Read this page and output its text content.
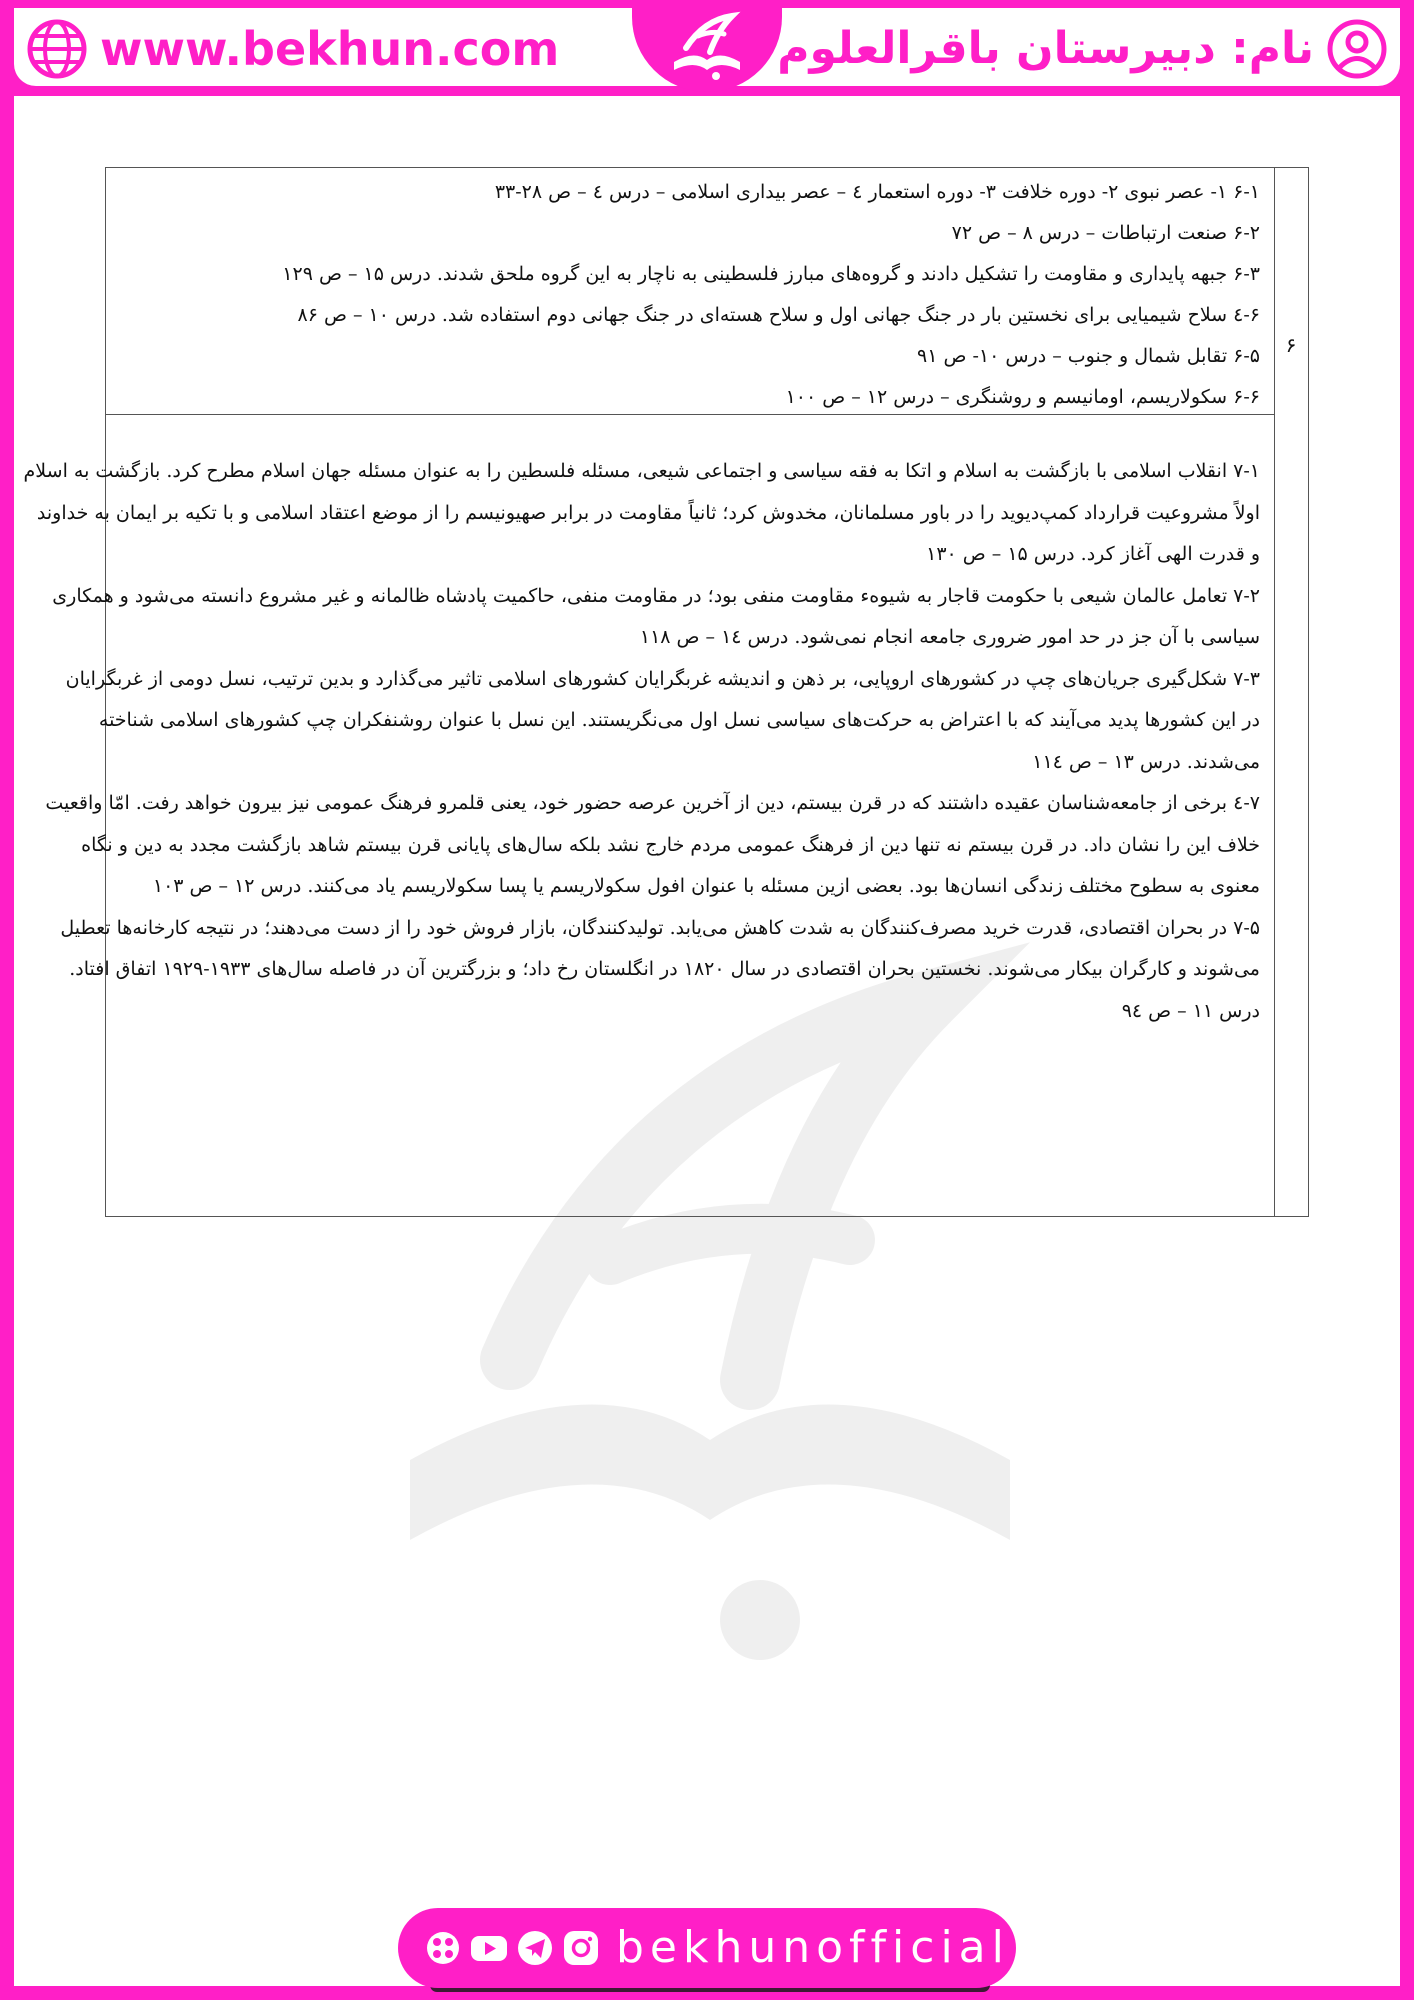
www.bekhun.com	نام: دبیرستان باقرالعلوم
۶
۶-۱ ۱- عصر نبوی ۲- دوره خلافت ۳- دوره استعمار ٤ – عصر بیداری اسلامی – درس ٤ – ص ۲۸-۳۳
۶-۲ صنعت ارتباطات – درس ۸ – ص ۷۲
۶-۳ جبهه پایداری و مقاومت را تشکیل دادند و گروه‌های مبارز فلسطینی به ناچار به این گروه ملحق شدند. درس ۱۵ – ص ۱۲۹
۶-٤ سلاح شیمیایی برای نخستین بار در جنگ جهانی اول و سلاح هسته‌ای در جنگ جهانی دوم استفاده شد. درس ۱۰ – ص ۸۶
۶-۵ تقابل شمال و جنوب – درس ۱۰- ص ۹۱
۶-۶ سکولاریسم، اومانیسم و روشنگری – درس ۱۲ – ص ۱۰۰
۷-۱ انقلاب اسلامی با بازگشت به اسلام و اتکا به فقه سیاسی و اجتماعی شیعی، مسئله فلسطین را به عنوان مسئله جهان اسلام مطرح کرد. بازگشت به اسلام
اولاً مشروعیت قرارداد کمپ‌دیوید را در باور مسلمانان، مخدوش کرد؛ ثانیاً مقاومت در برابر صهیونیسم را از موضع اعتقاد اسلامی و با تکیه بر ایمان به خداوند
و قدرت الهی آغاز کرد. درس ۱۵ – ص ۱۳۰
۷-۲ تعامل عالمان شیعی با حکومت قاجار به شیوهء مقاومت منفی بود؛ در مقاومت منفی، حاکمیت پادشاه ظالمانه و غیر مشروع دانسته می‌شود و همکاری
سیاسی با آن جز در حد امور ضروری جامعه انجام نمی‌شود. درس ۱٤ – ص ۱۱۸
۷-۳ شکل‌گیری جریان‌های چپ در کشورهای اروپایی، بر ذهن و اندیشه غربگرایان کشورهای اسلامی تاثیر می‌گذارد و بدین ترتیب، نسل دومی از غربگرایان
در این کشورها پدید می‌آیند که با اعتراض به حرکت‌های سیاسی نسل اول می‌نگریستند. این نسل با عنوان روشنفکران چپ کشورهای اسلامی شناخته
می‌شدند. درس ۱۳ – ص ۱۱٤
۷-٤ برخی از جامعه‌شناسان عقیده داشتند که در قرن بیستم، دین از آخرین عرصه حضور خود، یعنی قلمرو فرهنگ عمومی نیز بیرون خواهد رفت. امّا واقعیت
خلاف این را نشان داد. در قرن بیستم نه تنها دین از فرهنگ عمومی مردم خارج نشد بلکه سال‌های پایانی قرن بیستم شاهد بازگشت مجدد به دین و نگاه
معنوی به سطوح مختلف زندگی انسان‌ها بود. بعضی ازین مسئله با عنوان افول سکولاریسم یا پسا سکولاریسم یاد می‌کنند. درس ۱۲ – ص ۱۰۳
۷-۵ در بحران اقتصادی، قدرت خرید مصرف‌کنندگان به شدت کاهش می‌یابد. تولیدکنندگان، بازار فروش خود را از دست می‌دهند؛ در نتیجه کارخانه‌ها تعطیل
می‌شوند و کارگران بیکار می‌شوند. نخستین بحران اقتصادی در سال ۱۸۲۰ در انگلستان رخ داد؛ و بزرگترین آن در فاصله سال‌های ۱۹۳۳-۱۹۲۹ اتفاق افتاد.
درس ۱۱ – ص ۹٤
bekhunofficial
